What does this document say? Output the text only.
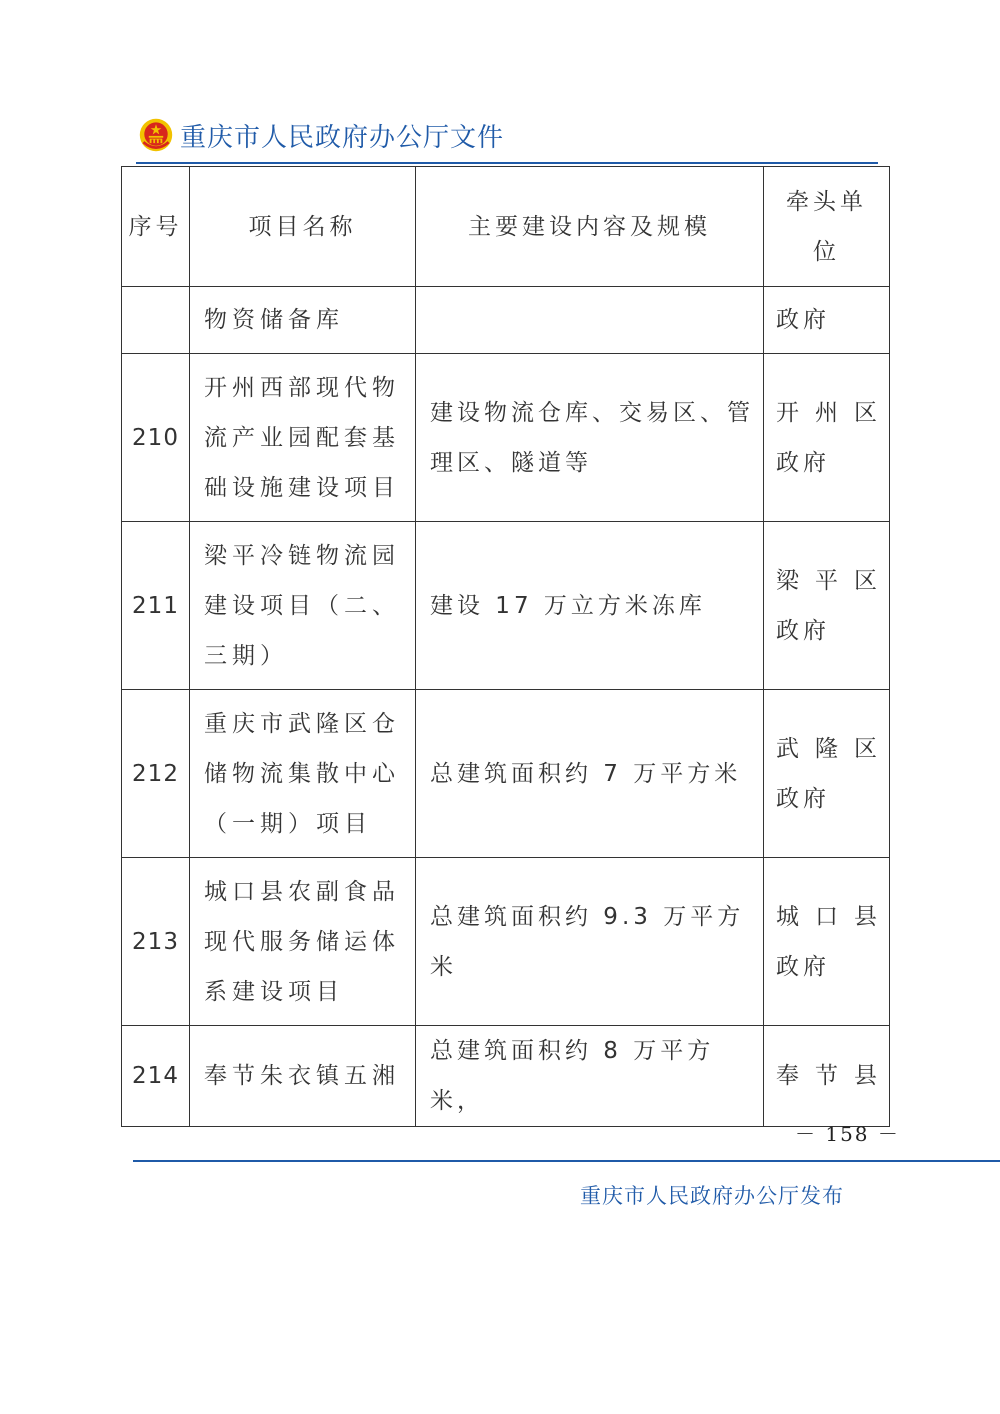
重庆市人民政府办公厅文件
序号	项目名称	主要建设内容及规模	牵头单
位

	物资储备库		政府

210	开州西部现代物流产业园配套基础设施建设项目	建设物流仓库、交易区、管理区、隧道等	开 州 区
政府

211	梁平冷链物流园建设项目（二、三期）	建设 17 万立方米冻库	梁 平 区
政府

212	重庆市武隆区仓储物流集散中心（一期）项目	总建筑面积约 7 万平方米	武 隆 区
政府

213	城口县农副食品现代服务储运体系建设项目	总建筑面积约 9.3 万平方米	城 口 县
政府

214	奉节朱衣镇五湘	总建筑面积约 8 万平方米，	奉 节 县
－ 158 －
重庆市人民政府办公厅发布
